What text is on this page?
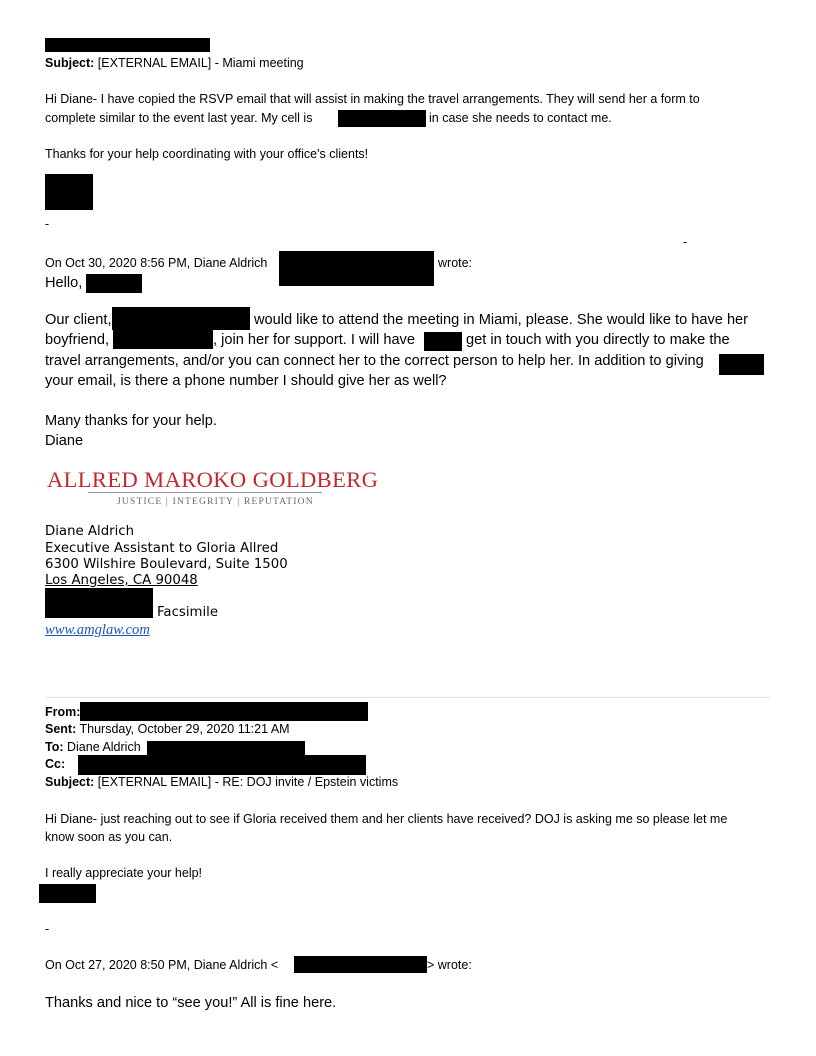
Subject: [EXTERNAL EMAIL] - Miami meeting
Hi Diane- I have copied the RSVP email that will assist in making the travel arrangements. They will send her a form to
complete similar to the event last year. My cell is	in case she needs to contact me.
Thanks for your help coordinating with your office's clients!
-
-
On Oct 30, 2020 8:56 PM, Diane Aldrich	wrote:
Hello,
Our client,	would like to attend the meeting in Miami, please. She would like to have her
boyfriend,	, join her for support. I will have	get in touch with you directly to make the
travel arrangements, and/or you can connect her to the correct person to help her. In addition to giving
your email, is there a phone number I should give her as well?
Many thanks for your help.
Diane
ALLRED MAROKO GOLDBERG
JUSTICE | INTEGRITY | REPUTATION
Diane Aldrich
Executive Assistant to Gloria Allred
6300 Wilshire Boulevard, Suite 1500
Los Angeles, CA 90048
Facsimile
www.amglaw.com
From:
Sent: Thursday, October 29, 2020 11:21 AM
To: Diane Aldrich
Cc:
Subject: [EXTERNAL EMAIL] - RE: DOJ invite / Epstein victims
Hi Diane- just reaching out to see if Gloria received them and her clients have received? DOJ is asking me so please let me
know soon as you can.
I really appreciate your help!
-
On Oct 27, 2020 8:50 PM, Diane Aldrich <	> wrote:
Thanks and nice to “see you!” All is fine here.
